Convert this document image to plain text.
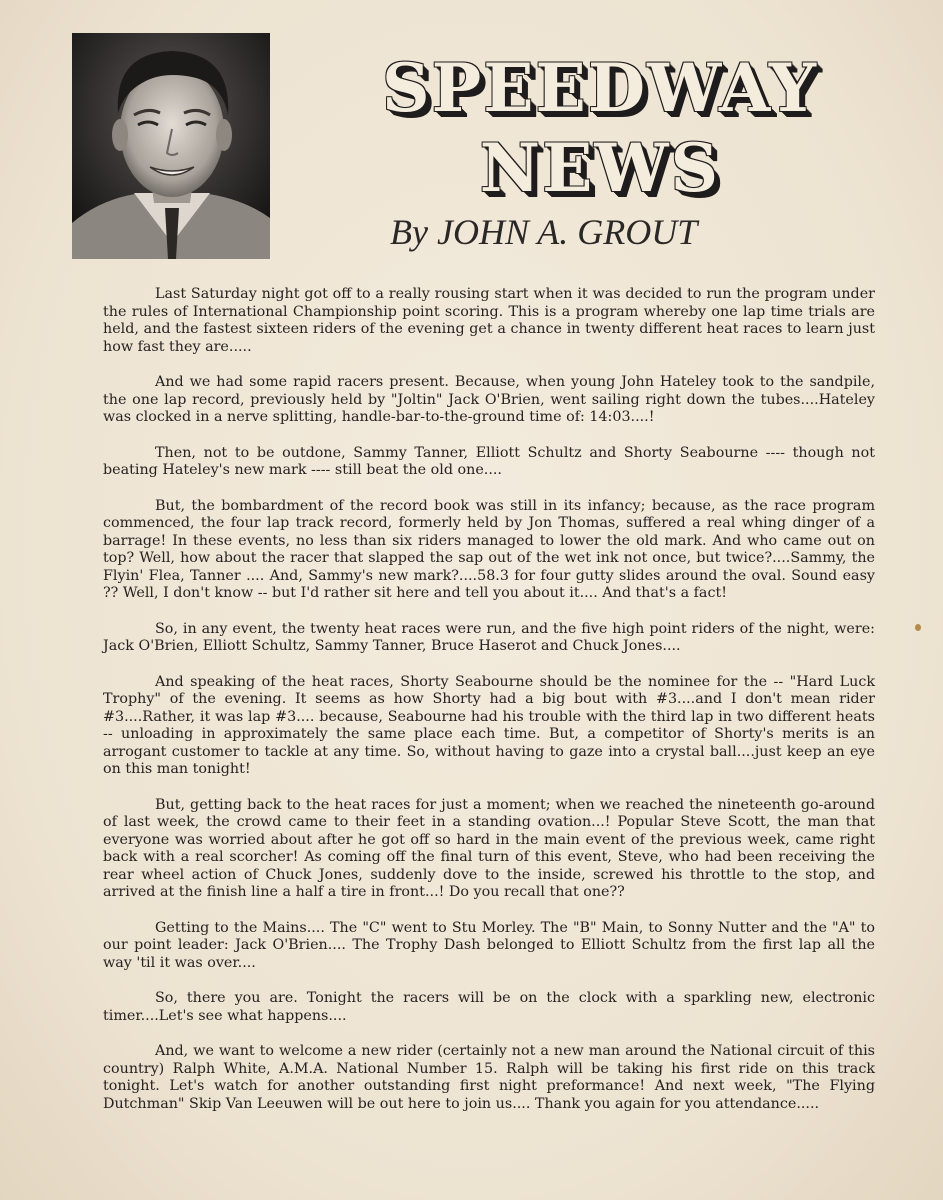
SPEEDWAY
NEWS
By JOHN A. GROUT

Last Saturday night got off to a really rousing start when it was decided to run the program under the rules of International Championship point scoring. This is a program whereby one lap time trials are held, and the fastest sixteen riders of the evening get a chance in twenty different heat races to learn just how fast they are.....

And we had some rapid racers present. Because, when young John Hateley took to the sandpile, the one lap record, previously held by "Joltin" Jack O'Brien, went sailing right down the tubes....Hateley was clocked in a nerve splitting, handle-bar-to-the-ground time of: 14:03....!

Then, not to be outdone, Sammy Tanner, Elliott Schultz and Shorty Seabourne ---- though not beating Hateley's new mark ---- still beat the old one....

But, the bombardment of the record book was still in its infancy; because, as the race program commenced, the four lap track record, formerly held by Jon Thomas, suffered a real whing dinger of a barrage! In these events, no less than six riders managed to lower the old mark. And who came out on top? Well, how about the racer that slapped the sap out of the wet ink not once, but twice?....Sammy, the Flyin' Flea, Tanner .... And, Sammy's new mark?....58.3 for four gutty slides around the oval. Sound easy ?? Well, I don't know -- but I'd rather sit here and tell you about it.... And that's a fact!

So, in any event, the twenty heat races were run, and the five high point riders of the night, were: Jack O'Brien, Elliott Schultz, Sammy Tanner, Bruce Haserot and Chuck Jones....

And speaking of the heat races, Shorty Seabourne should be the nominee for the -- "Hard Luck Trophy" of the evening. It seems as how Shorty had a big bout with #3....and I don't mean rider #3....Rather, it was lap #3.... because, Seabourne had his trouble with the third lap in two different heats -- unloading in approximately the same place each time. But, a competitor of Shorty's merits is an arrogant customer to tackle at any time. So, without having to gaze into a crystal ball....just keep an eye on this man tonight!

But, getting back to the heat races for just a moment; when we reached the nineteenth go-around of last week, the crowd came to their feet in a standing ovation...! Popular Steve Scott, the man that everyone was worried about after he got off so hard in the main event of the previous week, came right back with a real scorcher! As coming off the final turn of this event, Steve, who had been receiving the rear wheel action of Chuck Jones, suddenly dove to the inside, screwed his throttle to the stop, and arrived at the finish line a half a tire in front...! Do you recall that one??

Getting to the Mains.... The "C" went to Stu Morley. The "B" Main, to Sonny Nutter and the "A" to our point leader: Jack O'Brien.... The Trophy Dash belonged to Elliott Schultz from the first lap all the way 'til it was over....

So, there you are. Tonight the racers will be on the clock with a sparkling new, electronic timer....Let's see what happens....

And, we want to welcome a new rider (certainly not a new man around the National circuit of this country) Ralph White, A.M.A. National Number 15. Ralph will be taking his first ride on this track tonight. Let's watch for another outstanding first night preformance! And next week, "The Flying Dutchman" Skip Van Leeuwen will be out here to join us.... Thank you again for you attendance.....
